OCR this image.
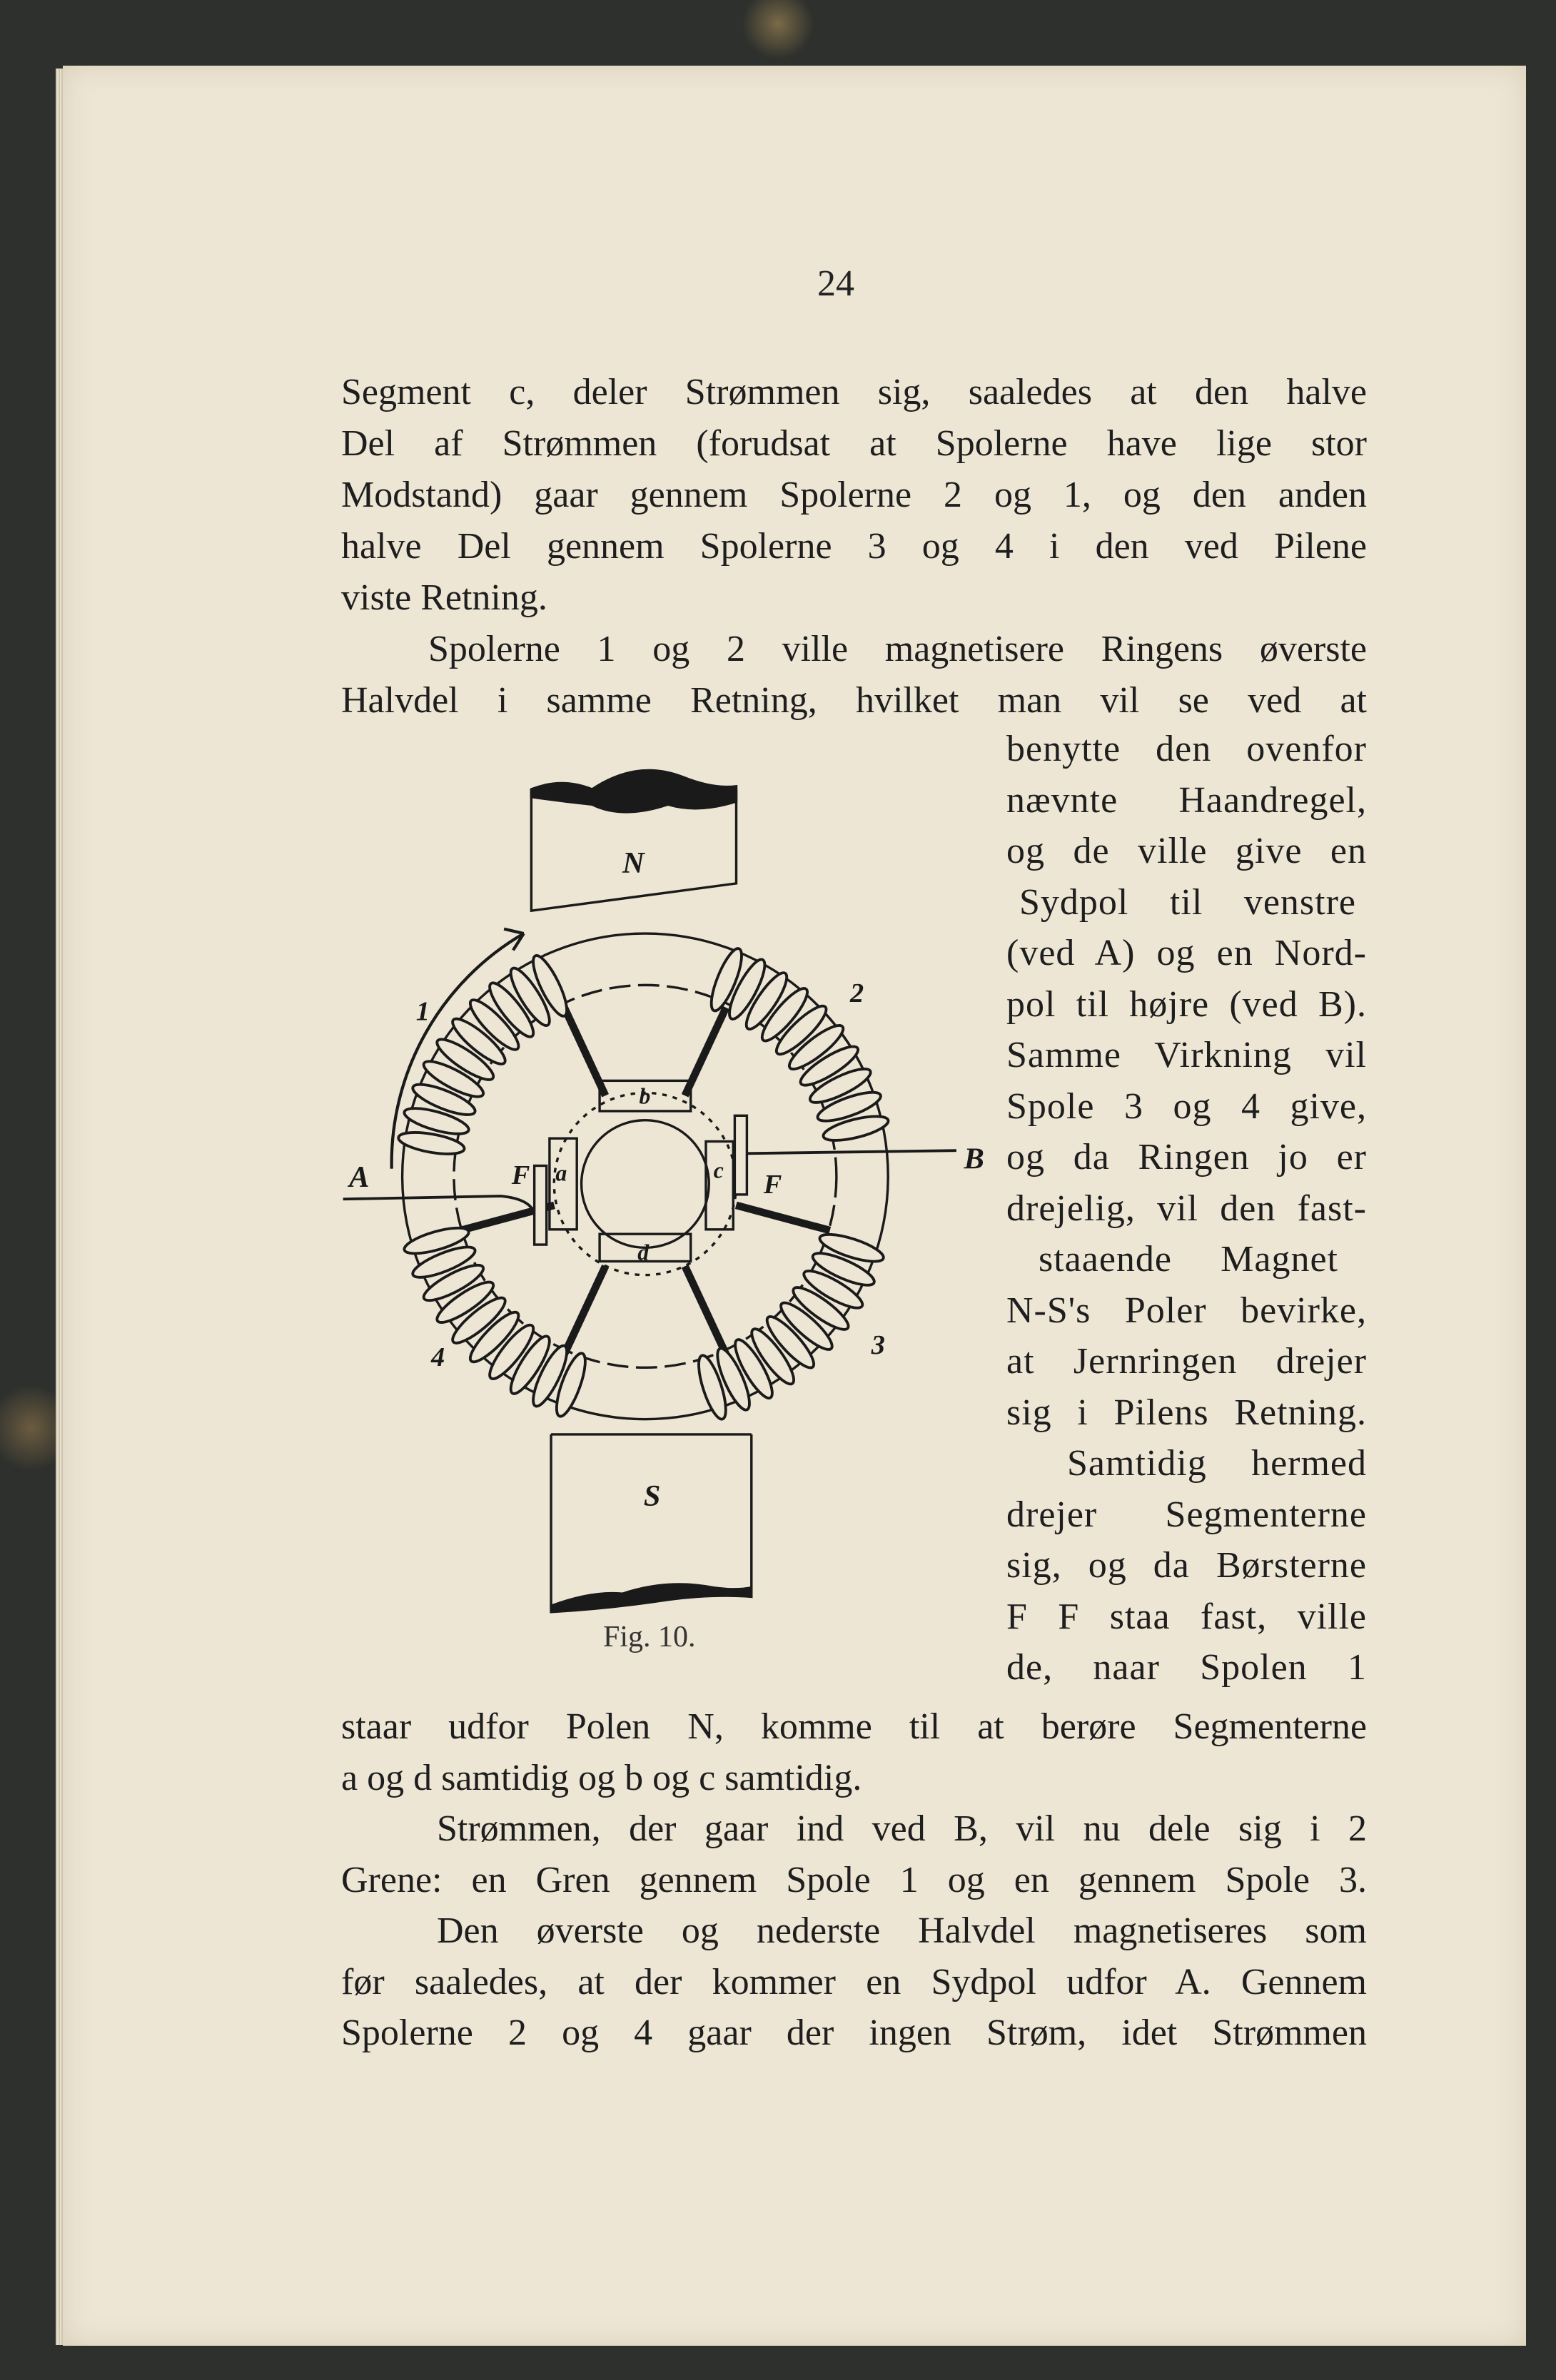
24
Segment c, deler Strømmen sig, saaledes at den halve
Del af Strømmen (forudsat at Spolerne have lige stor
Modstand) gaar gennem Spolerne 2 og 1, og den anden
halve Del gennem Spolerne 3 og 4 i den ved Pilene
viste Retning.
Spolerne 1 og 2 ville magnetisere Ringens øverste
Halvdel i samme Retning, hvilket man vil se ved at
benytte den ovenfor
nævnte Haandregel,
og de ville give en
Sydpol til venstre
(ved A) og en Nord-
pol til højre (ved B).
Samme Virkning vil
Spole 3 og 4 give,
og da Ringen jo er
drejelig, vil den fast-
staaende Magnet
N-S's Poler bevirke,
at Jernringen drejer
sig i Pilens Retning.
Samtidig hermed
drejer Segmenterne
sig, og da Børsterne
F F staa fast, ville
de, naar Spolen 1
staar udfor Polen N, komme til at berøre Segmenterne
a og d samtidig og b og c samtidig.
Strømmen, der gaar ind ved B, vil nu dele sig i 2
Grene: en Gren gennem Spole 1 og en gennem Spole 3.
Den øverste og nederste Halvdel magnetiseres som
før saaledes, at der kommer en Sydpol udfor A. Gennem
Spolerne 2 og 4 gaar der ingen Strøm, idet Strømmen
N
S
1
2
3
4
A
B
F	F
a
b
c
d
Fig. 10.
